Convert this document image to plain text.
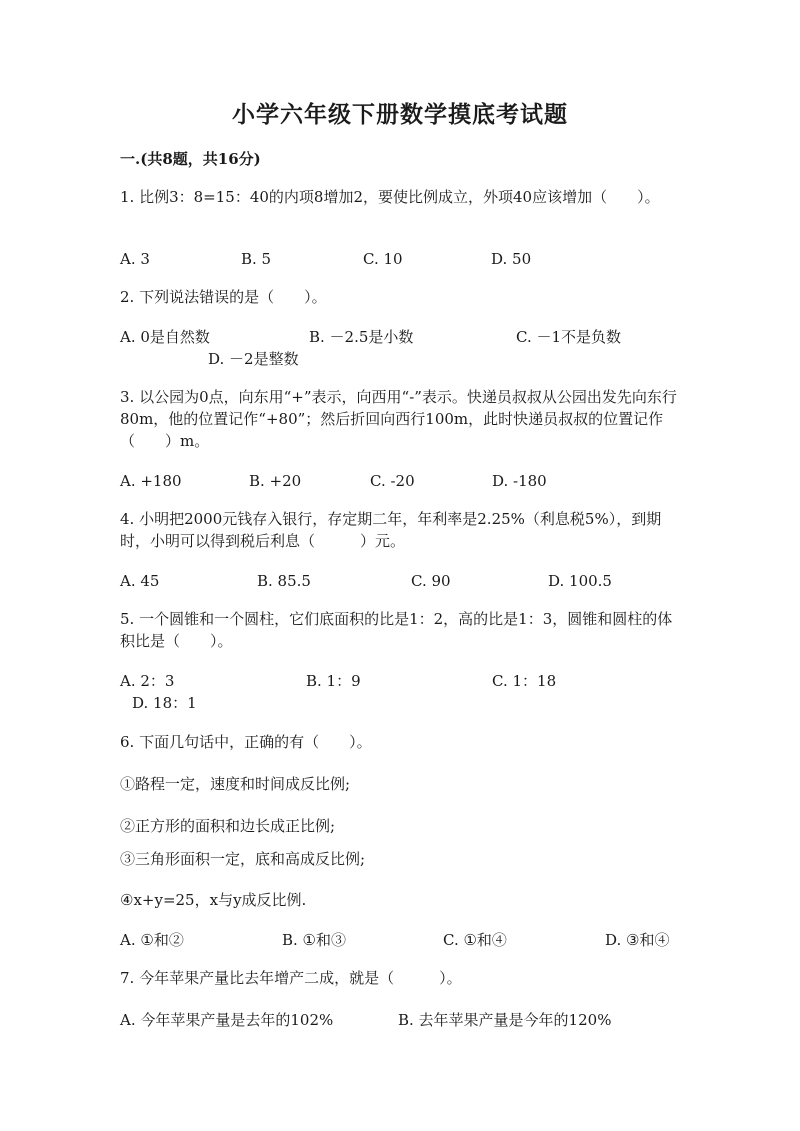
小学六年级下册数学摸底考试题
一.(共8题，共16分)
1. 比例3：8=15：40的内项8增加2，要使比例成立，外项40应该增加（　　）。
A. 3	B. 5	C. 10	D. 50
2. 下列说法错误的是（　　）。
A. 0是自然数	B. －2.5是小数	C. －1不是负数
D. －2是整数
3. 以公园为0点，向东用“+”表示，向西用“-”表示。快递员叔叔从公园出发先向东行80m，他的位置记作“+80”；然后折回向西行100m，此时快递员叔叔的位置记作（　　）m。
A. +180	B. +20	C. -20	D. -180
4. 小明把2000元钱存入银行，存定期二年，年利率是2.25%（利息税5%），到期时，小明可以得到税后利息（　　　）元。
A. 45	B. 85.5	C. 90	D. 100.5
5. 一个圆锥和一个圆柱，它们底面积的比是1：2，高的比是1：3，圆锥和圆柱的体积比是（　　）。
A. 2：3	B. 1：9	C. 1：18
D. 18：1
6. 下面几句话中，正确的有（　　）。
①路程一定，速度和时间成反比例;
②正方形的面积和边长成正比例;
③三角形面积一定，底和高成反比例;
④x+y=25，x与y成反比例.
A. ①和②	B. ①和③	C. ①和④	D. ③和④
7. 今年苹果产量比去年增产二成，就是（　　　）。
A. 今年苹果产量是去年的102%	B. 去年苹果产量是今年的120%
